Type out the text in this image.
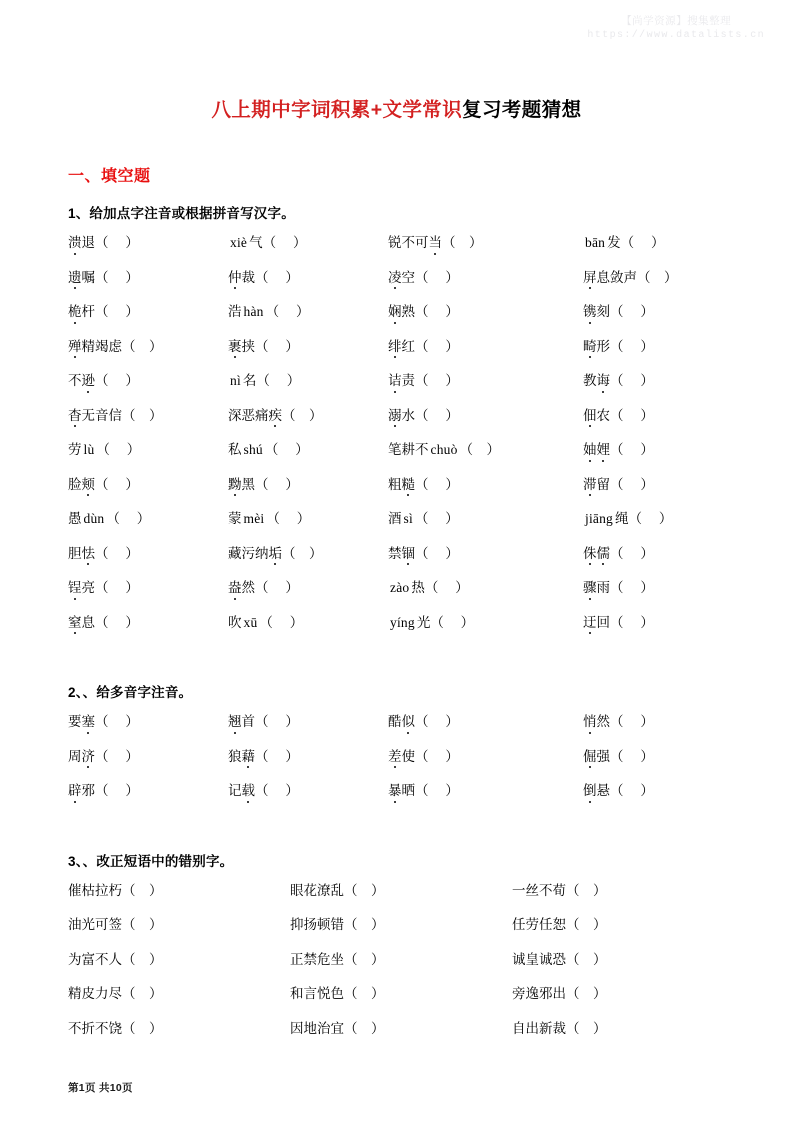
【尚学资源】搜集整理
https://www.datalists.cn
八上期中字词积累+文学常识复习考题猜想
一、填空题
1、给加点字注音或根据拼音写汉字。
溃退 （     ）	xiè 气 （     ）	锐不可当 （    ）	bān 发 （     ）
遗嘱 （     ）	仲裁 （     ）	凌空 （     ）	屏息敛声 （    ）
桅杆 （     ）	浩 hàn （     ）	娴熟 （     ）	镌刻 （     ）
殚精竭虑 （    ）	裹挟 （     ）	绯红 （     ）	畸形 （     ）
不逊 （     ）	nì 名 （     ）	诘责 （     ）	教诲 （     ）
杳无音信 （    ）	深恶痛疾 （    ）	溺水 （     ）	佃农 （     ）
劳 lù （     ）	私 shú （     ）	笔耕不 chuò （    ）	妯娌 （     ）
脸颊 （     ）	黝黑 （     ）	粗糙 （     ）	滞留 （     ）
愚 dùn （     ）	蒙 mèi （     ）	酒 sì （     ）	jiāng 绳 （     ）
胆怯 （     ）	藏污纳垢 （    ）	禁锢 （     ）	侏儒 （     ）
锃亮 （     ）	盎然 （     ）	zào 热 （     ）	骤雨 （     ）
窒息 （     ）	吹 xū （     ）	yíng 光 （     ）	迂回 （     ）
2、、给多音字注音。
要塞 （     ）	翘首 （     ）	酷似 （     ）	悄然 （     ）
周济 （     ）	狼藉 （     ）	差使 （     ）	倔强 （     ）
辟邪 （     ）	记载 （     ）	暴晒 （     ）	倒悬 （     ）
3、、改正短语中的错别字。
催枯拉朽 （    ）	眼花潦乱 （    ）	一丝不荀 （    ）
油光可签 （    ）	抑扬顿错 （    ）	任劳任恕 （    ）
为富不人 （    ）	正禁危坐 （    ）	诚皇诚恐 （    ）
精皮力尽 （    ）	和言悦色 （    ）	旁逸邪出 （    ）
不折不饶 （    ）	因地治宜 （    ）	自出新裁 （    ）
第1页 共10页
